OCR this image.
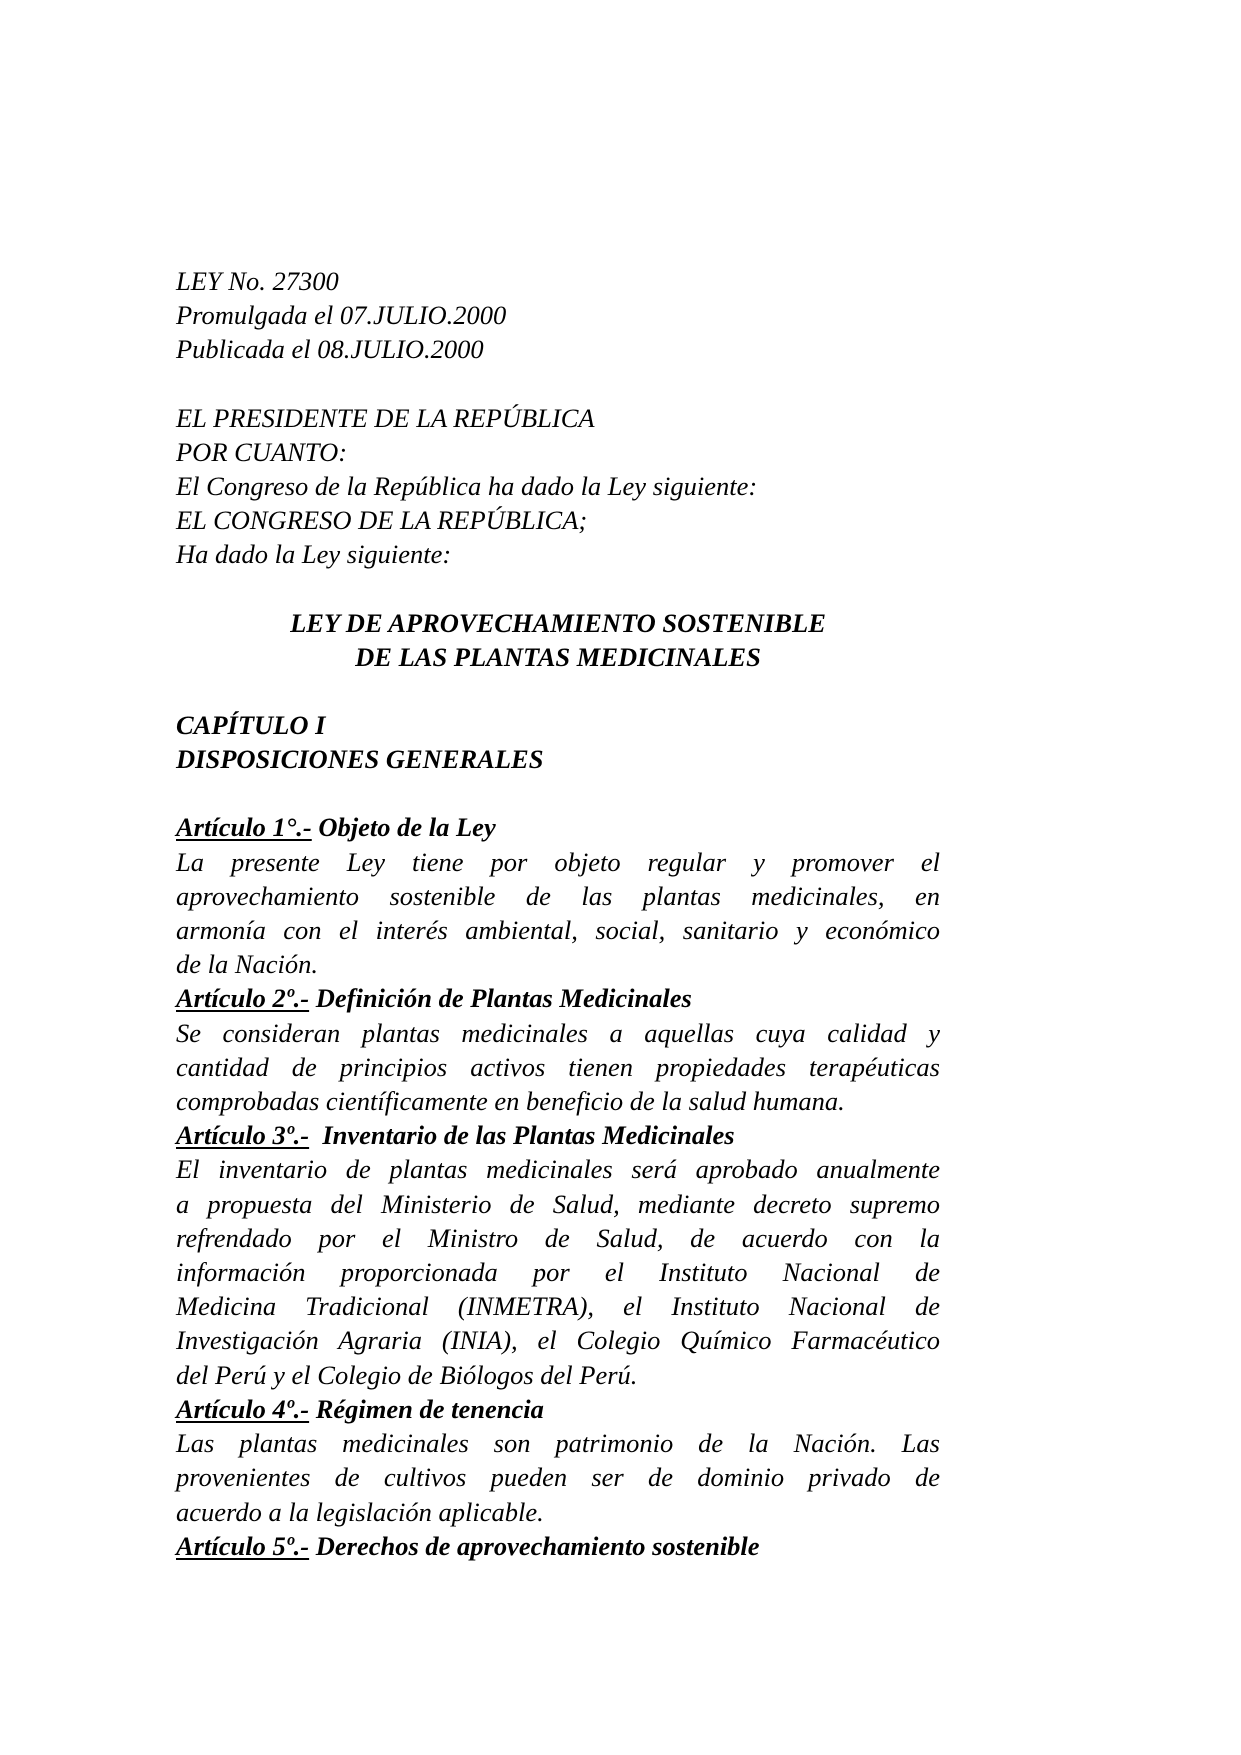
LEY No. 27300
Promulgada el 07.JULIO.2000
Publicada el 08.JULIO.2000
EL PRESIDENTE DE LA REPÚBLICA
POR CUANTO:
El Congreso de la República ha dado la Ley siguiente:
EL CONGRESO DE LA REPÚBLICA;
Ha dado la Ley siguiente:
LEY DE APROVECHAMIENTO SOSTENIBLE
DE LAS PLANTAS MEDICINALES
CAPÍTULO I
DISPOSICIONES GENERALES
Artículo 1°.- Objeto de la Ley
La presente Ley tiene por objeto regular y promover el
aprovechamiento sostenible de las plantas medicinales, en
armonía con el interés ambiental, social, sanitario y económico
de la Nación.
Artículo 2º.- Definición de Plantas Medicinales
Se consideran plantas medicinales a aquellas cuya calidad y
cantidad de principios activos tienen propiedades terapéuticas
comprobadas científicamente en beneficio de la salud humana.
Artículo 3º.-  Inventario de las Plantas Medicinales
El inventario de plantas medicinales será aprobado anualmente
a propuesta del Ministerio de Salud, mediante decreto supremo
refrendado por el Ministro de Salud, de acuerdo con la
información proporcionada por el Instituto Nacional de
Medicina Tradicional (INMETRA), el Instituto Nacional de
Investigación Agraria (INIA), el Colegio Químico Farmacéutico
del Perú y el Colegio de Biólogos del Perú.
Artículo 4º.- Régimen de tenencia
Las plantas medicinales son patrimonio de la Nación. Las
provenientes de cultivos pueden ser de dominio privado de
acuerdo a la legislación aplicable.
Artículo 5º.- Derechos de aprovechamiento sostenible
